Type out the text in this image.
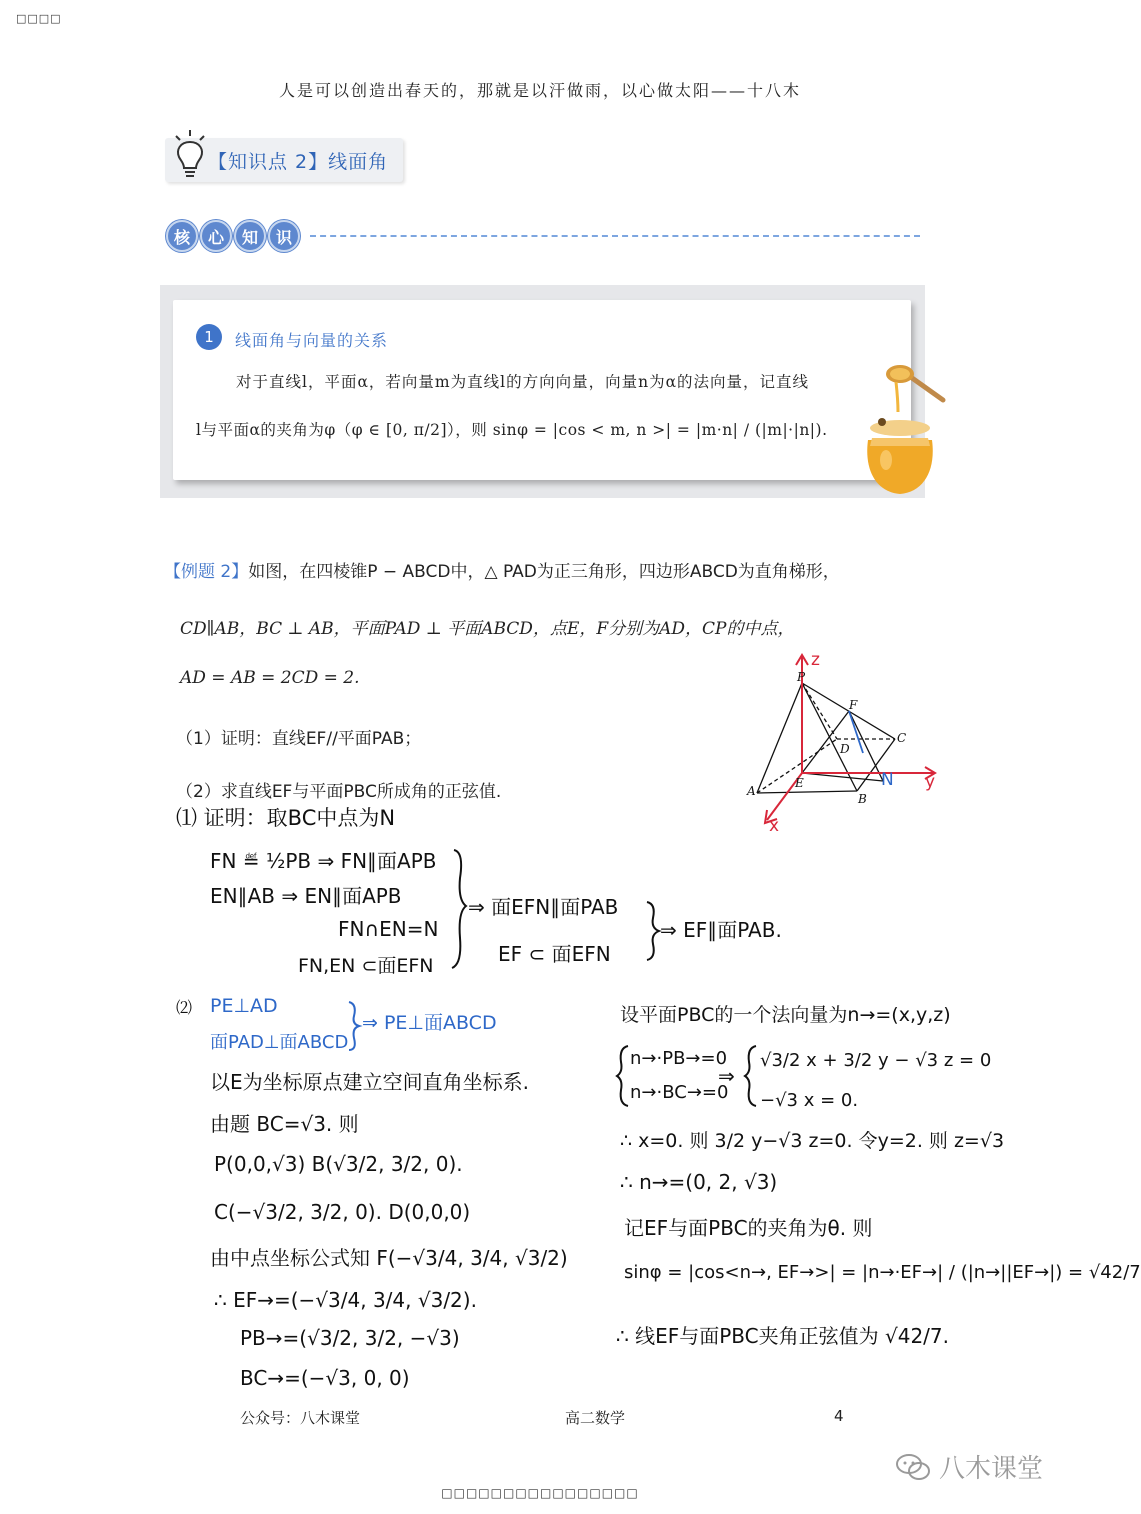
□□□□
人是可以创造出春天的，那就是以汗做雨，以心做太阳——十八木
【知识点 2】线面角
核	心	知	识
1	线面角与向量的关系
对于直线l，平面α，若向量m为直线l的方向向量，向量n为α的法向量，记直线
l与平面α的夹角为φ（φ ∈ [0, π/2]），则 sinφ = |cos < m, n >| = |m·n| / (|m|·|n|).
【例题 2】如图，在四棱锥P − ABCD中，△ PAD为正三角形，四边形ABCD为直角梯形，
CD∥AB，BC ⊥ AB，平面PAD ⊥ 平面ABCD，点E，F分别为AD，CP的中点，
AD = AB = 2CD = 2.
（1）证明：直线EF//平面PAB；
（2）求直线EF与平面PBC所成角的正弦值.
P
A
B
C
D
E
F
N
z
y
x
⑴ 证明：取BC中点为N
FN ≝ ½PB ⇒ FN∥面APB
EN∥AB ⇒ EN∥面APB
FN∩EN=N
FN,EN ⊂面EFN
⇒ 面EFN∥面PAB
EF ⊂ 面EFN
⇒ EF∥面PAB.
⑵ PE⊥AD
面PAD⊥面ABCD
⇒ PE⊥面ABCD
以E为坐标原点建立空间直角坐标系.
由题 BC=√3. 则
P(0,0,√3) B(√3/2, 3/2, 0).
C(−√3/2, 3/2, 0). D(0,0,0)
由中点坐标公式知 F(−√3/4, 3/4, √3/2)
∴ EF→=(−√3/4, 3/4, √3/2).
PB→=(√3/2, 3/2, −√3)
BC→=(−√3, 0, 0)
设平面PBC的一个法向量为n→=(x,y,z)
n→·PB→=0
n→·BC→=0
⇒
√3/2 x + 3/2 y − √3 z = 0
−√3 x = 0.
∴ x=0. 则 3/2 y−√3 z=0. 令y=2. 则 z=√3
∴ n→=(0, 2, √3)
记EF与面PBC的夹角为θ. 则
sinφ = |cos<n→, EF→>| = |n→·EF→| / (|n→||EF→|) = √42/7
∴ 线EF与面PBC夹角正弦值为 √42/7.
公众号：八木课堂	高二数学	4
八木课堂
□□□□□□□□□□□□□□□□
